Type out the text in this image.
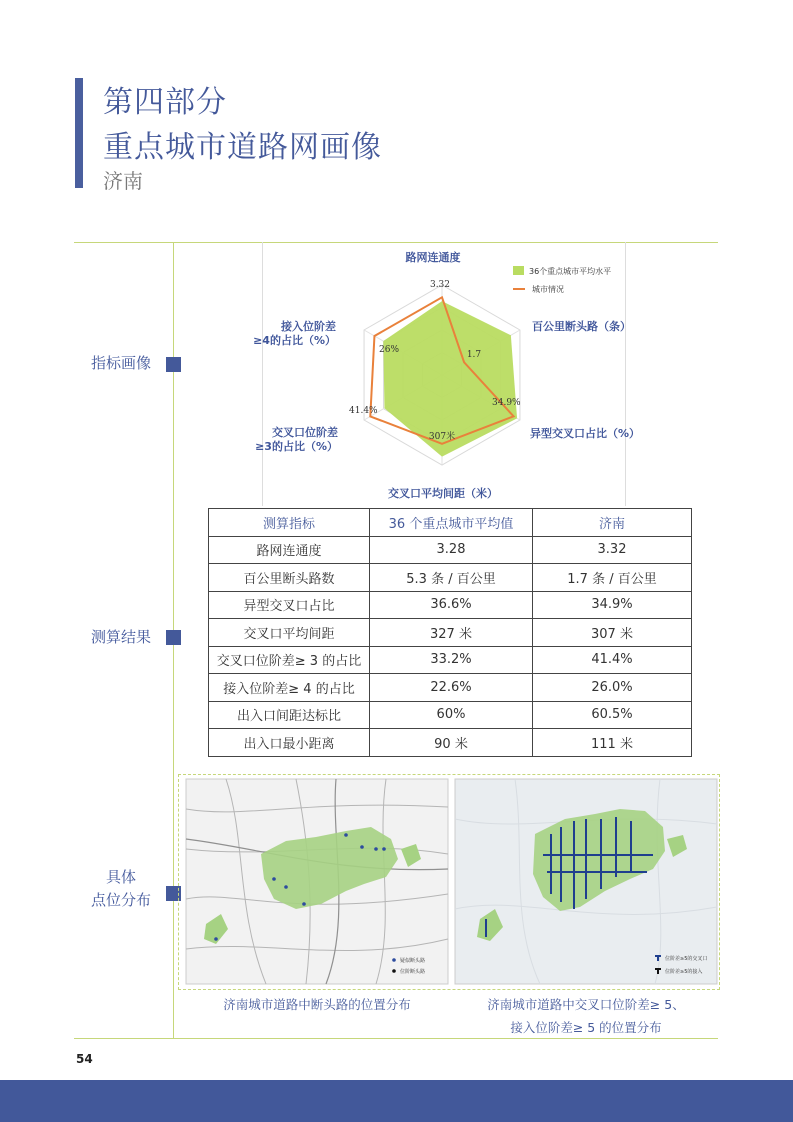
第四部分
重点城市道路网画像
济南
指标画像
测算结果
具体
点位分布
路网连通度
百公里断头路（条）
异型交叉口占比（%）
交叉口平均间距（米）
交叉口位阶差
≥3的占比（%）
接入位阶差
≥4的占比（%）
3.32
1.7
34.9%
307米
41.4%
26%
36个重点城市平均水平
城市情况
测算指标	36 个重点城市平均值	济南
路网连通度	3.28	3.32
百公里断头路数	5.3 条 / 百公里	1.7 条 / 百公里
异型交叉口占比	36.6%	34.9%
交叉口平均间距	327 米	307 米
交叉口位阶差≥ 3 的占比	33.2%	41.4%
接入位阶差≥ 4 的占比	22.6%	26.0%
出入口间距达标比	60%	60.5%
出入口最小距离	90 米	111 米
疑似断头路
位阶断头路
位阶差≥5的交叉口
位阶差≥5的接入
济南城市道路中断头路的位置分布	济南城市道路中交叉口位阶差≥ 5、
接入位阶差≥ 5 的位置分布
54
